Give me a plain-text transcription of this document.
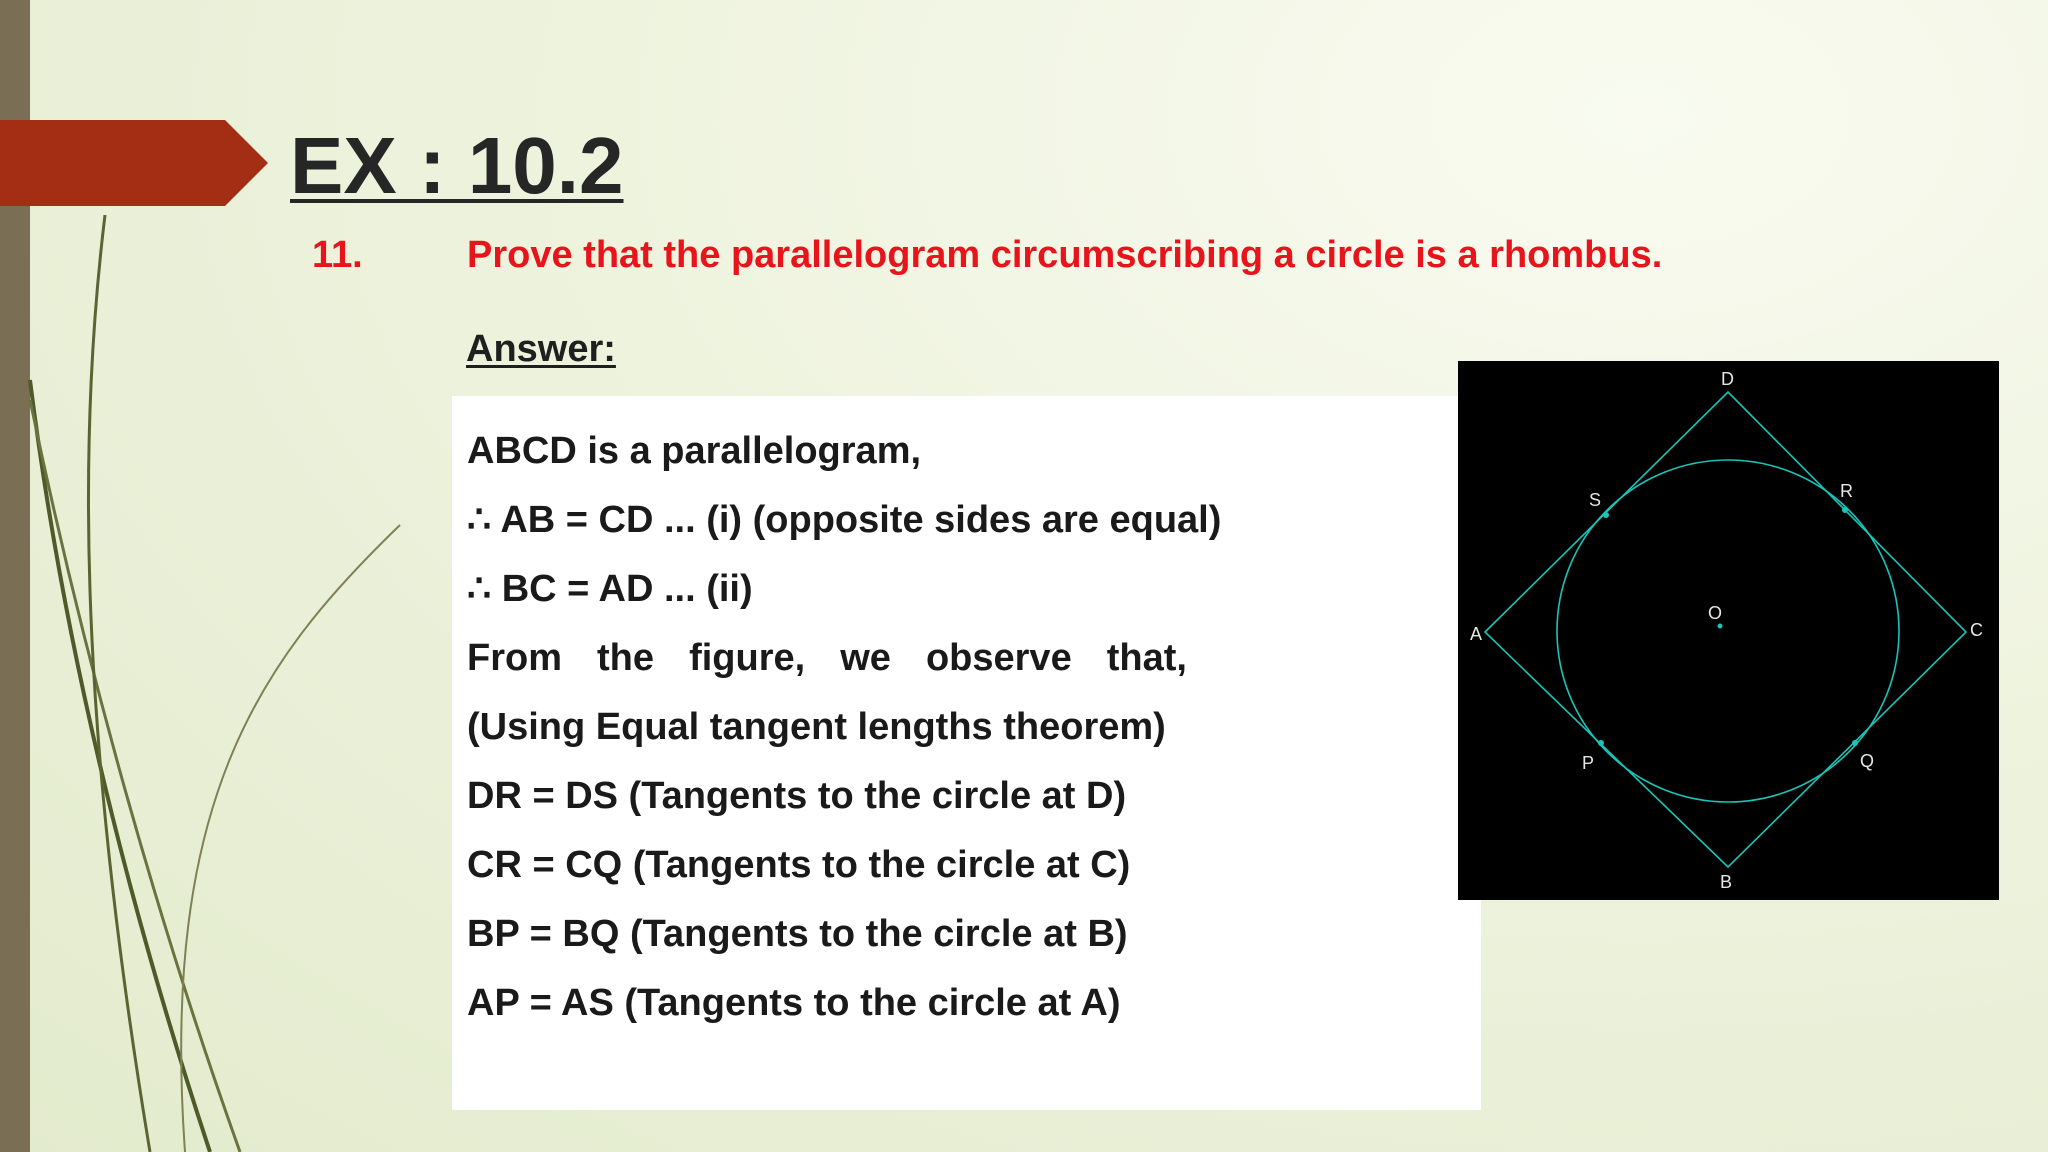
EX : 10.2
11.	Prove that the parallelogram circumscribing a circle is a rhombus.
Answer:
ABCD is a parallelogram,
∴ AB = CD ... (i) (opposite sides are equal)
∴ BC = AD ... (ii)
From the figure, we observe that,
(Using Equal tangent lengths theorem)
DR = DS (Tangents to the circle at D)
CR = CQ (Tangents to the circle at C)
BP = BQ (Tangents to the circle at B)
AP = AS (Tangents to the circle at A)
D
R
S
O
A	C
P	Q
B
